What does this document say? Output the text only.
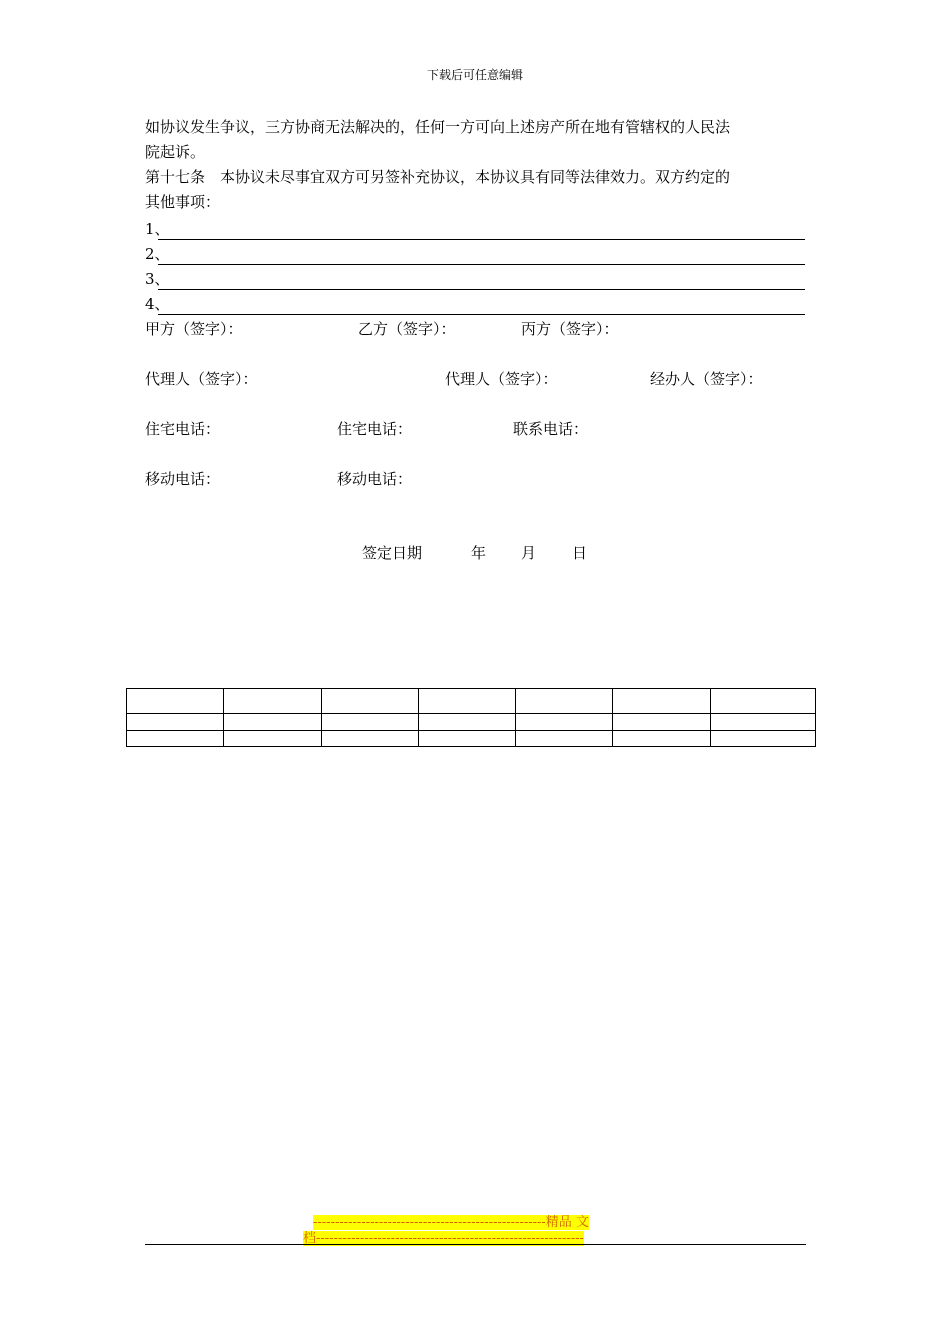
下载后可任意编辑
如协议发生争议，三方协商无法解决的，任何一方可向上述房产所在地有管辖权的人民法
院起诉。
第十七条　本协议未尽事宜双方可另签补充协议，本协议具有同等法律效力。双方约定的
其他事项：
1、
2、
3、
4、
甲方（签字）：	乙方（签字）：	丙方（签字）：
代理人（签字）：	代理人（签字）：	经办人（签字）：
住宅电话：	住宅电话：	联系电话：
移动电话：	移动电话：
签定日期	年 月 日

-----------------------------------------------------精品 文
档-------------------------------------------------------------
